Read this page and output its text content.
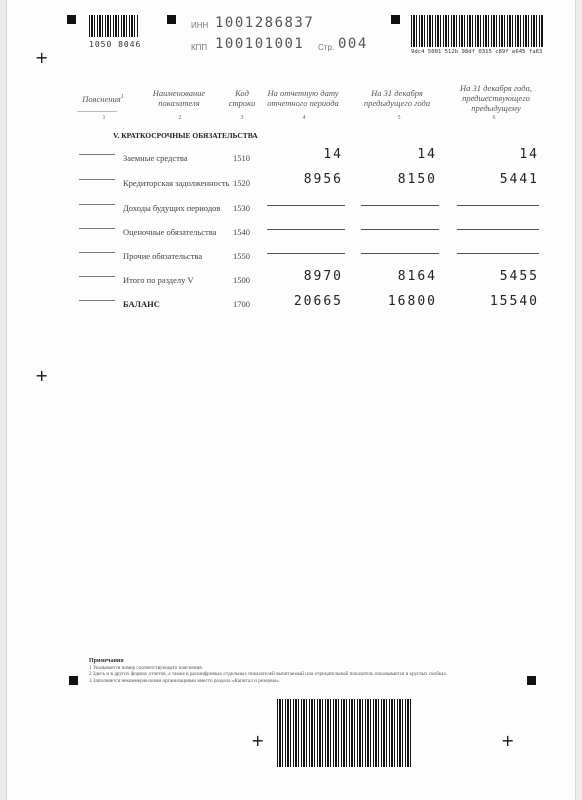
1050 8046
+
ИНН 1001286837
КПП 100101001 Стр. 004	9dc4 5001 512b 98df 0315 c89f e645 fa63
Пояснения$^1$	Наименование показателя
Код строки
На отчетную дату отчетного периода
На 31 декабря предыдущего года
На 31 декабря года, предшествующего предыдущему
1	2	3	4	5	6
V. КРАТКОСРОЧНЫЕ ОБЯЗАТЕЛЬСТВА
Заемные средства	1510	14	14	14
Кредиторская задолженность 1520	8956	8150	5441
Доходы будущих периодов 1530
Оценочные обязательства 1540
Прочие обязательства	1550
Итого по разделу V	1500	8970	8164	5455
БАЛАНС	1700	20665	16800	15540
+
Примечания
1 Указывается номер соответствующего пояснения.
2 Здесь и в других формах отчетов, а также в расшифровках отдельных показателей вычитаемый или отрицательный показатель показывается в круглых скобках.
3 Заполняется некоммерческими организациями вместо раздела «Капитал и резервы».
+	+
